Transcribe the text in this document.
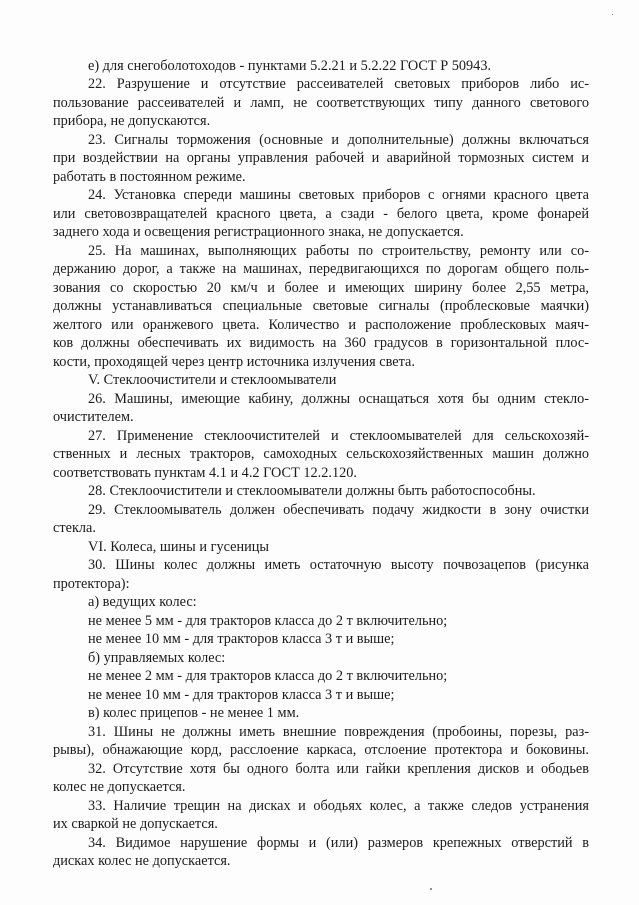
е) для снегоболотоходов - пунктами 5.2.21 и 5.2.22 ГОСТ Р 50943.
22. Разрушение и отсутствие рассеивателей световых приборов либо ис-
пользование рассеивателей и ламп, не соответствующих типу данного светового
прибора, не допускаются.
23. Сигналы торможения (основные и дополнительные) должны включаться
при воздействии на органы управления рабочей и аварийной тормозных систем и
работать в постоянном режиме.
24. Установка спереди машины световых приборов с огнями красного цвета
или световозвращателей красного цвета, а сзади - белого цвета, кроме фонарей
заднего хода и освещения регистрационного знака, не допускается.
25. На машинах, выполняющих работы по строительству, ремонту или со-
держанию дорог, а также на машинах, передвигающихся по дорогам общего поль-
зования со скоростью 20 км/ч и более и имеющих ширину более 2,55 метра,
должны устанавливаться специальные световые сигналы (проблесковые маячки)
желтого или оранжевого цвета. Количество и расположение проблесковых маяч-
ков должны обеспечивать их видимость на 360 градусов в горизонтальной плос-
кости, проходящей через центр источника излучения света.
V. Стеклоочистители и стеклоомыватели
26. Машины, имеющие кабину, должны оснащаться хотя бы одним стекло-
очистителем.
27. Применение стеклоочистителей и стеклоомывателей для сельскохозяй-
ственных и лесных тракторов, самоходных сельскохозяйственных машин должно
соответствовать пунктам 4.1 и 4.2 ГОСТ 12.2.120.
28. Стеклоочистители и стеклоомыватели должны быть работоспособны.
29. Стеклоомыватель должен обеспечивать подачу жидкости в зону очистки
стекла.
VI. Колеса, шины и гусеницы
30. Шины колес должны иметь остаточную высоту почвозацепов (рисунка
протектора):
а) ведущих колес:
не менее 5 мм - для тракторов класса до 2 т включительно;
не менее 10 мм - для тракторов класса 3 т и выше;
б) управляемых колес:
не менее 2 мм - для тракторов класса до 2 т включительно;
не менее 10 мм - для тракторов класса 3 т и выше;
в) колес прицепов - не менее 1 мм.
31. Шины не должны иметь внешние повреждения (пробоины, порезы, раз-
рывы), обнажающие корд, расслоение каркаса, отслоение протектора и боковины.
32. Отсутствие хотя бы одного болта или гайки крепления дисков и ободьев
колес не допускается.
33. Наличие трещин на дисках и ободьях колес, а также следов устранения
их сваркой не допускается.
34. Видимое нарушение формы и (или) размеров крепежных отверстий в
дисках колес не допускается.
